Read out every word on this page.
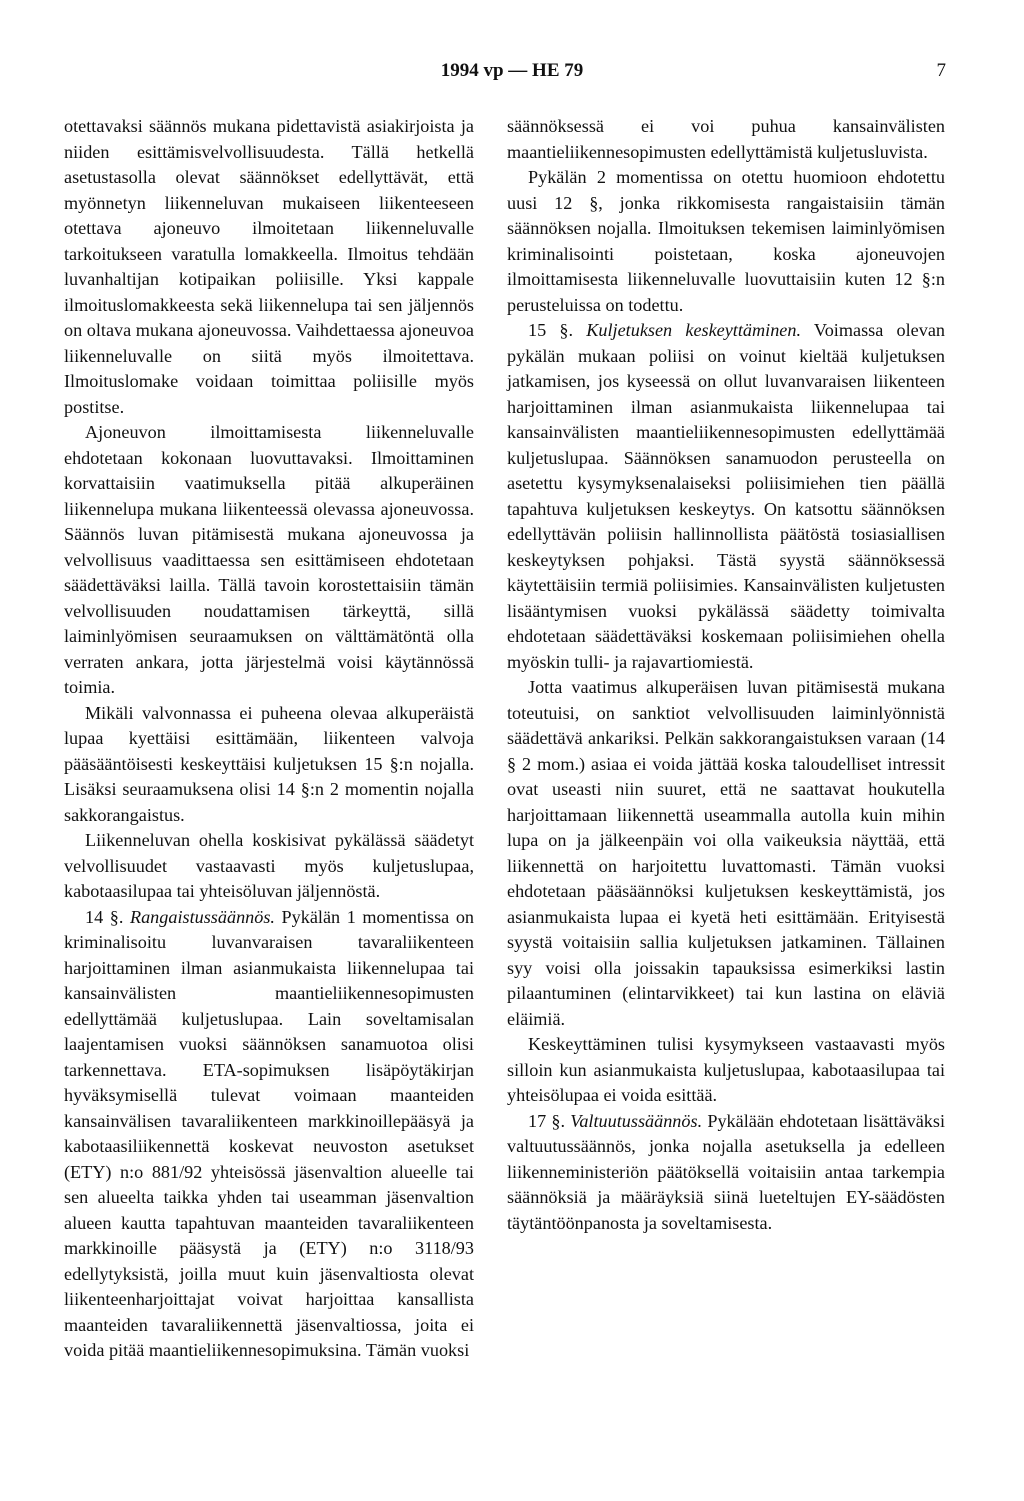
1994 vp — HE 79	7

otettavaksi säännös mukana pidettavistä asiakirjoista ja niiden esittämisvelvollisuudesta. Tällä hetkellä asetustasolla olevat säännökset edellyttävät, että myönnetyn liikenneluvan mukaiseen liikenteeseen otettava ajoneuvo ilmoitetaan liikenneluvalle tarkoitukseen varatulla lomakkeella. Ilmoitus tehdään luvanhaltijan kotipaikan poliisille. Yksi kappale ilmoituslomakkeesta sekä liikennelupa tai sen jäljennös on oltava mukana ajoneuvossa. Vaihdettaessa ajoneuvoa liikenneluvalle on siitä myös ilmoitettava. Ilmoituslomake voidaan toimittaa poliisille myös postitse.

Ajoneuvon ilmoittamisesta liikenneluvalle ehdotetaan kokonaan luovuttavaksi. Ilmoittaminen korvattaisiin vaatimuksella pitää alkuperäinen liikennelupa mukana liikenteessä olevassa ajoneuvossa. Säännös luvan pitämisestä mukana ajoneuvossa ja velvollisuus vaadittaessa sen esittämiseen ehdotetaan säädettäväksi lailla. Tällä tavoin korostettaisiin tämän velvollisuuden noudattamisen tärkeyttä, sillä laiminlyömisen seuraamuksen on välttämätöntä olla verraten ankara, jotta järjestelmä voisi käytännössä toimia.

Mikäli valvonnassa ei puheena olevaa alkuperäistä lupaa kyettäisi esittämään, liikenteen valvoja pääsääntöisesti keskeyttäisi kuljetuksen 15 §:n nojalla. Lisäksi seuraamuksena olisi 14 §:n 2 momentin nojalla sakkorangaistus.

Liikenneluvan ohella koskisivat pykälässä säädetyt velvollisuudet vastaavasti myös kuljetuslupaa, kabotaasilupaa tai yhteisöluvan jäljennöstä.

14 §. Rangaistussäännös. Pykälän 1 momentissa on kriminalisoitu luvanvaraisen tavaraliikenteen harjoittaminen ilman asianmukaista liikennelupaa tai kansainvälisten maantieliikennesopimusten edellyttämää kuljetuslupaa. Lain soveltamisalan laajentamisen vuoksi säännöksen sanamuotoa olisi tarkennettava. ETA-sopimuksen lisäpöytäkirjan hyväksymisellä tulevat voimaan maanteiden kansainvälisen tavaraliikenteen markkinoillepääsyä ja kabotaasiliikennettä koskevat neuvoston asetukset (ETY) n:o 881/92 yhteisössä jäsenvaltion alueelle tai sen alueelta taikka yhden tai useamman jäsenvaltion alueen kautta tapahtuvan maanteiden tavaraliikenteen markkinoille pääsystä ja (ETY) n:o 3118/93 edellytyksistä, joilla muut kuin jäsenvaltiosta olevat liikenteenharjoittajat voivat harjoittaa kansallista maanteiden tavaraliikennettä jäsenvaltiossa, joita ei voida pitää maantieliikennesopimuksina. Tämän vuoksi

säännöksessä ei voi puhua kansainvälisten maantieliikennesopimusten edellyttämistä kuljetusluvista.

Pykälän 2 momentissa on otettu huomioon ehdotettu uusi 12 §, jonka rikkomisesta rangaistaisiin tämän säännöksen nojalla. Ilmoituksen tekemisen laiminlyömisen kriminalisointi poistetaan, koska ajoneuvojen ilmoittamisesta liikenneluvalle luovuttaisiin kuten 12 §:n perusteluissa on todettu.

15 §. Kuljetuksen keskeyttäminen. Voimassa olevan pykälän mukaan poliisi on voinut kieltää kuljetuksen jatkamisen, jos kyseessä on ollut luvanvaraisen liikenteen harjoittaminen ilman asianmukaista liikennelupaa tai kansainvälisten maantieliikennesopimusten edellyttämää kuljetuslupaa. Säännöksen sanamuodon perusteella on asetettu kysymyksenalaiseksi poliisimiehen tien päällä tapahtuva kuljetuksen keskeytys. On katsottu säännöksen edellyttävän poliisin hallinnollista päätöstä tosiasiallisen keskeytyksen pohjaksi. Tästä syystä säännöksessä käytettäisiin termiä poliisimies. Kansainvälisten kuljetusten lisääntymisen vuoksi pykälässä säädetty toimivalta ehdotetaan säädettäväksi koskemaan poliisimiehen ohella myöskin tulli- ja rajavartiomiestä.

Jotta vaatimus alkuperäisen luvan pitämisestä mukana toteutuisi, on sanktiot velvollisuuden laiminlyönnistä säädettävä ankariksi. Pelkän sakkorangaistuksen varaan (14 § 2 mom.) asiaa ei voida jättää koska taloudelliset intressit ovat useasti niin suuret, että ne saattavat houkutella harjoittamaan liikennettä useammalla autolla kuin mihin lupa on ja jälkeenpäin voi olla vaikeuksia näyttää, että liikennettä on harjoitettu luvattomasti. Tämän vuoksi ehdotetaan pääsäännöksi kuljetuksen keskeyttämistä, jos asianmukaista lupaa ei kyetä heti esittämään. Erityisestä syystä voitaisiin sallia kuljetuksen jatkaminen. Tällainen syy voisi olla joissakin tapauksissa esimerkiksi lastin pilaantuminen (elintarvikkeet) tai kun lastina on eläviä eläimiä.

Keskeyttäminen tulisi kysymykseen vastaavasti myös silloin kun asianmukaista kuljetuslupaa, kabotaasilupaa tai yhteisölupaa ei voida esittää.

17 §. Valtuutussäännös. Pykälään ehdotetaan lisättäväksi valtuutussäännös, jonka nojalla asetuksella ja edelleen liikenneministeriön päätöksellä voitaisiin antaa tarkempia säännöksiä ja määräyksiä siinä lueteltujen EY-säädösten täytäntöönpanosta ja soveltamisesta.
